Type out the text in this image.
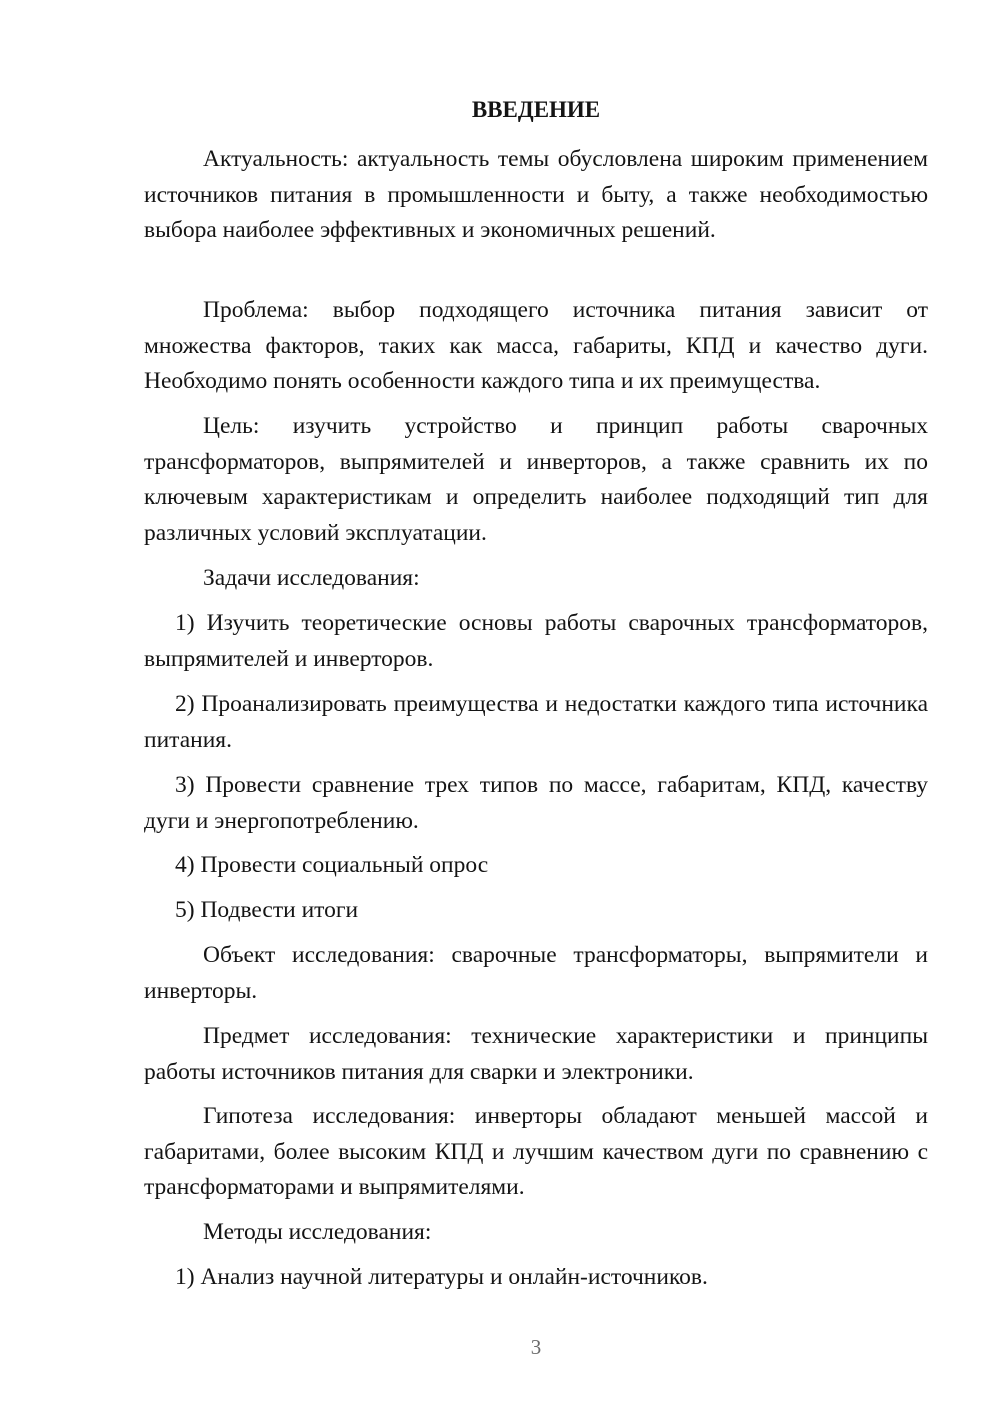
ВВЕДЕНИЕ

Актуальность: актуальность темы обусловлена широким применением источников питания в промышленности и быту, а также необходимостью выбора наиболее эффективных и экономичных решений.

Проблема: выбор подходящего источника питания зависит от множества факторов, таких как масса, габариты, КПД и качество дуги. Необходимо понять особенности каждого типа и их преимущества.

Цель: изучить устройство и принцип работы сварочных трансформаторов, выпрямителей и инверторов, а также сравнить их по ключевым характеристикам и определить наиболее подходящий тип для различных условий эксплуатации.

Задачи исследования:

1) Изучить теоретические основы работы сварочных трансформаторов, выпрямителей и инверторов.

2) Проанализировать преимущества и недостатки каждого типа источника питания.

3) Провести сравнение трех типов по массе, габаритам, КПД, качеству дуги и энергопотреблению.

4) Провести социальный опрос

5) Подвести итоги

Объект исследования: сварочные трансформаторы, выпрямители и инверторы.

Предмет исследования: технические характеристики и принципы работы источников питания для сварки и электроники.

Гипотеза исследования: инверторы обладают меньшей массой и габаритами, более высоким КПД и лучшим качеством дуги по сравнению с трансформаторами и выпрямителями.

Методы исследования:

1) Анализ научной литературы и онлайн-источников.

3
